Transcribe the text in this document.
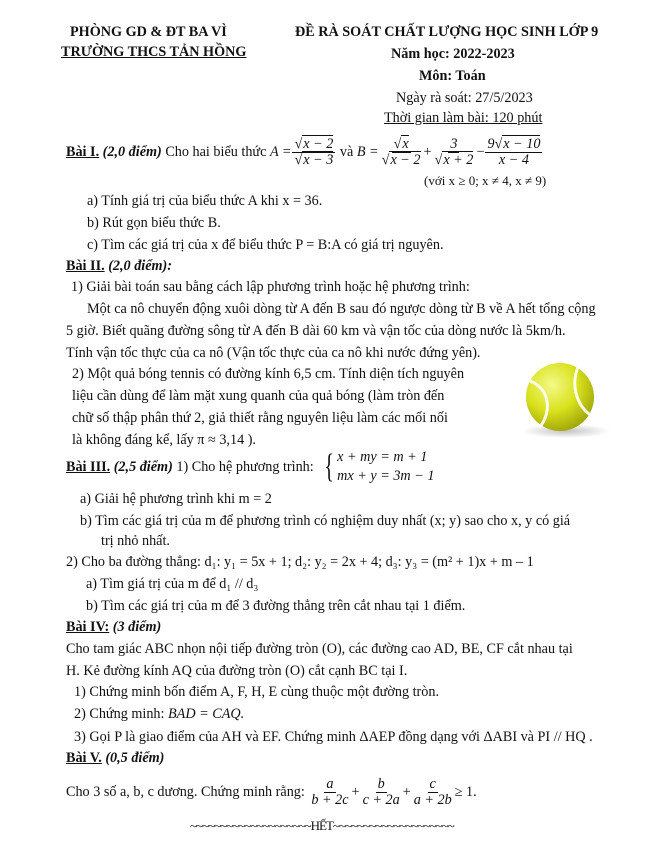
PHÒNG GD & ĐT BA VÌ
TRƯỜNG THCS TẢN HỒNG
ĐỀ RÀ SOÁT CHẤT LƯỢNG HỌC SINH LỚP 9
Năm học: 2022-2023
Môn: Toán
Ngày rà soát: 27/5/2023
Thời gian làm bài: 120 phút
Bài I.
(2,0 điểm)
Cho hai biểu thức
$A = \frac{√x - 2}{√x - 3}$
và
$B = \frac{√x}{√x - 2} + \frac{3}{√x + 2} - \frac{9√x - 10}{x - 4}$
(với x ≥ 0; x ≠ 4, x ≠ 9)
a) Tính giá trị của biểu thức A khi x = 36.
b) Rút gọn biểu thức B.
c) Tìm các giá trị của x để biểu thức P = B:A có giá trị nguyên.
Bài II. (2,0 điểm):
1) Giải bài toán sau bằng cách lập phương trình hoặc hệ phương trình:
Một ca nô chuyển động xuôi dòng từ A đến B sau đó ngược dòng từ B về A hết tổng cộng
5 giờ. Biết quãng đường sông từ A đến B dài 60 km và vận tốc của dòng nước là 5km/h.
Tính vận tốc thực của ca nô (Vận tốc thực của ca nô khi nước đứng yên).
2) Một quả bóng tennis có đường kính 6,5 cm. Tính diện tích nguyên
liệu cần dùng để làm mặt xung quanh của quả bóng (làm tròn đến
chữ số thập phân thứ 2, giả thiết rằng nguyên liệu làm các mối nối
là không đáng kể, lấy π ≈ 3,14 ).
Bài III.
(2,5 điểm)
1) Cho hệ phương trình:
{ x + my = m + 1
mx + y = 3m − 1
a) Giải hệ phương trình khi m = 2
b) Tìm các giá trị của m để phương trình có nghiệm duy nhất (x; y) sao cho x, y có giá
trị nhỏ nhất.
2) Cho ba đường thẳng: d₁: y₁ = 5x + 1; d₂: y₂ = 2x + 4; d₃: y₃ = (m² + 1)x + m – 1
a) Tìm giá trị của m để d₁ // d₃
b) Tìm các giá trị của m để 3 đường thẳng trên cắt nhau tại 1 điểm.
Bài IV: (3 điểm)
Cho tam giác ABC nhọn nội tiếp đường tròn (O), các đường cao AD, BE, CF cắt nhau tại
H. Kẻ đường kính AQ của đường tròn (O) cắt cạnh BC tại I.
1) Chứng minh bốn điểm A, F, H, E cùng thuộc một đường tròn.
2) Chứng minh: BAD = CAQ.
3) Gọi P là giao điểm của AH và EF. Chứng minh ΔAEP đồng dạng với ΔABI và PI // HQ .
Bài V. (0,5 điểm)
Cho 3 số a, b, c dương. Chứng minh rằng:
$\frac{a}{b + 2c} + \frac{b}{c + 2a} + \frac{c}{a + 2b} \ge 1$.
~~~~~~~~~~~~~~~~~~~~HẾT~~~~~~~~~~~~~~~~~~~~
